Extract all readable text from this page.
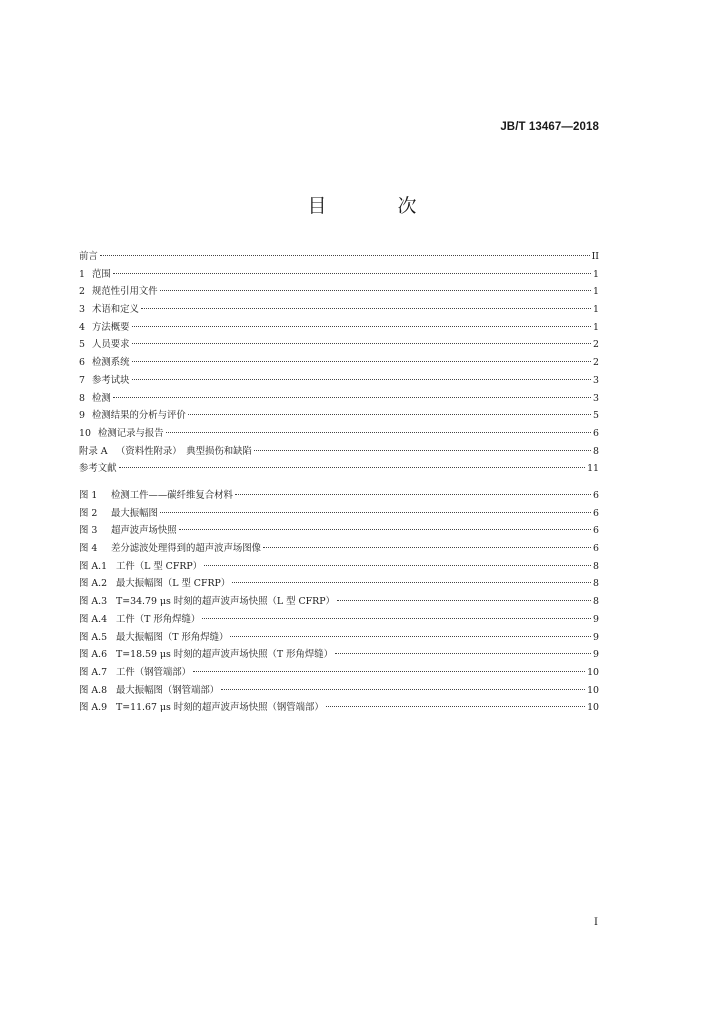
JB/T 13467—2018
目　次
前言	II
1 范围	1
2 规范性引用文件	1
3 术语和定义	1
4 方法概要	1
5 人员要求	2
6 检测系统	2
7 参考试块	3
8 检测	3
9 检测结果的分析与评价	5
10 检测记录与报告	6
附录 A （资料性附录）　典型损伤和缺陷	8
参考文献	11
图 1	检测工件——碳纤维复合材料	6
图 2	最大振幅图	6
图 3	超声波声场快照	6
图 4	差分滤波处理得到的超声波声场图像	6
图 A.1 工件（L 型 CFRP）	8
图 A.2 最大振幅图（L 型 CFRP）	8
图 A.3 T=34.79 μs 时刻的超声波声场快照（L 型 CFRP）	8
图 A.4 工件（T 形角焊缝）	9
图 A.5 最大振幅图（T 形角焊缝）	9
图 A.6 T=18.59 μs 时刻的超声波声场快照（T 形角焊缝）	9
图 A.7 工件（钢管端部）	10
图 A.8 最大振幅图（钢管端部）	10
图 A.9 T=11.67 μs 时刻的超声波声场快照（钢管端部）	10
I
